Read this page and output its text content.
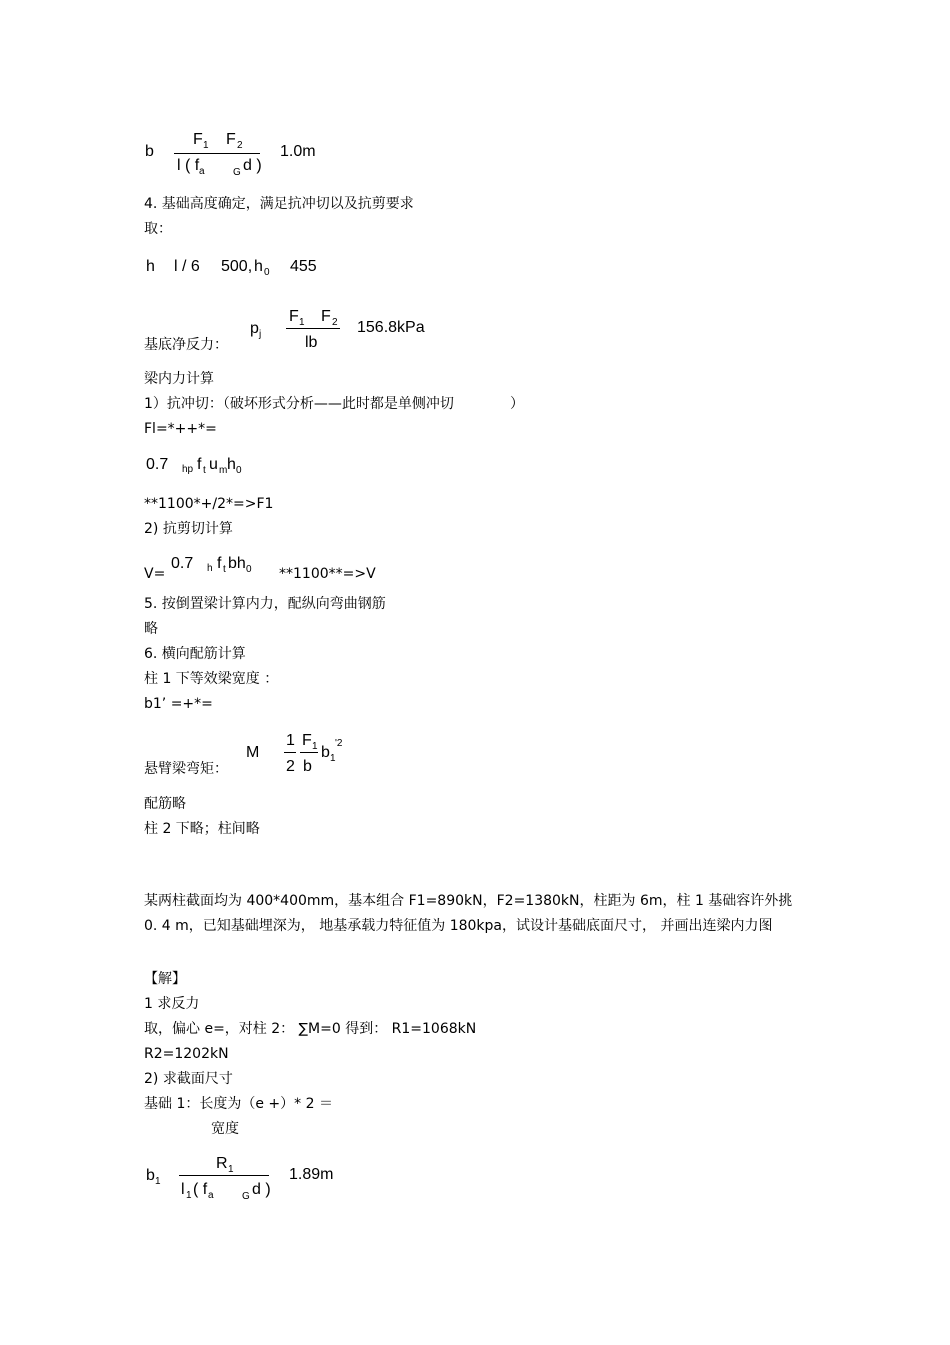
b
F 1 F 2
l ( f a	G d )
1.0m
4. 基础高度确定，满足抗冲切以及抗剪要求
取：
h l / 6 500, h 0 455
基底净反力：
p j
F 1 F 2
lb
156.8kPa
梁内力计算
1）抗冲切：（破坏形式分析——此时都是单侧冲切	）
Fl=*++*=
0.7 hp f t u m h 0
**1100*+/2*=>F1
2) 抗剪切计算
V=
0.7 h f t bh 0 **1100**=>V
5. 按倒置梁计算内力，配纵向弯曲钢筋
略
6. 横向配筋计算
柱 1 下等效梁宽度 ：
b1’ =+*=
悬臂梁弯矩：
M
1 F 1
2 b
b 1
'2
配筋略
柱 2 下略；柱间略
某两柱截面均为 400*400mm，基本组合 F1=890kN，F2=1380kN，柱距为 6m，柱 1 基础容许外挑 0. 4 m，已知基础埋深为， 地基承载力特征值为 180kpa，试设计基础底面尺寸， 并画出连梁内力图
【解】
1 求反力
取，偏心 e=，对柱 2： ∑M=0 得到： R1=1068kN
R2=1202kN
2) 求截面尺寸
基础 1：长度为（e +）* 2 ＝
宽度
b 1
R 1
l 1 ( f a	G d )
1.89m
